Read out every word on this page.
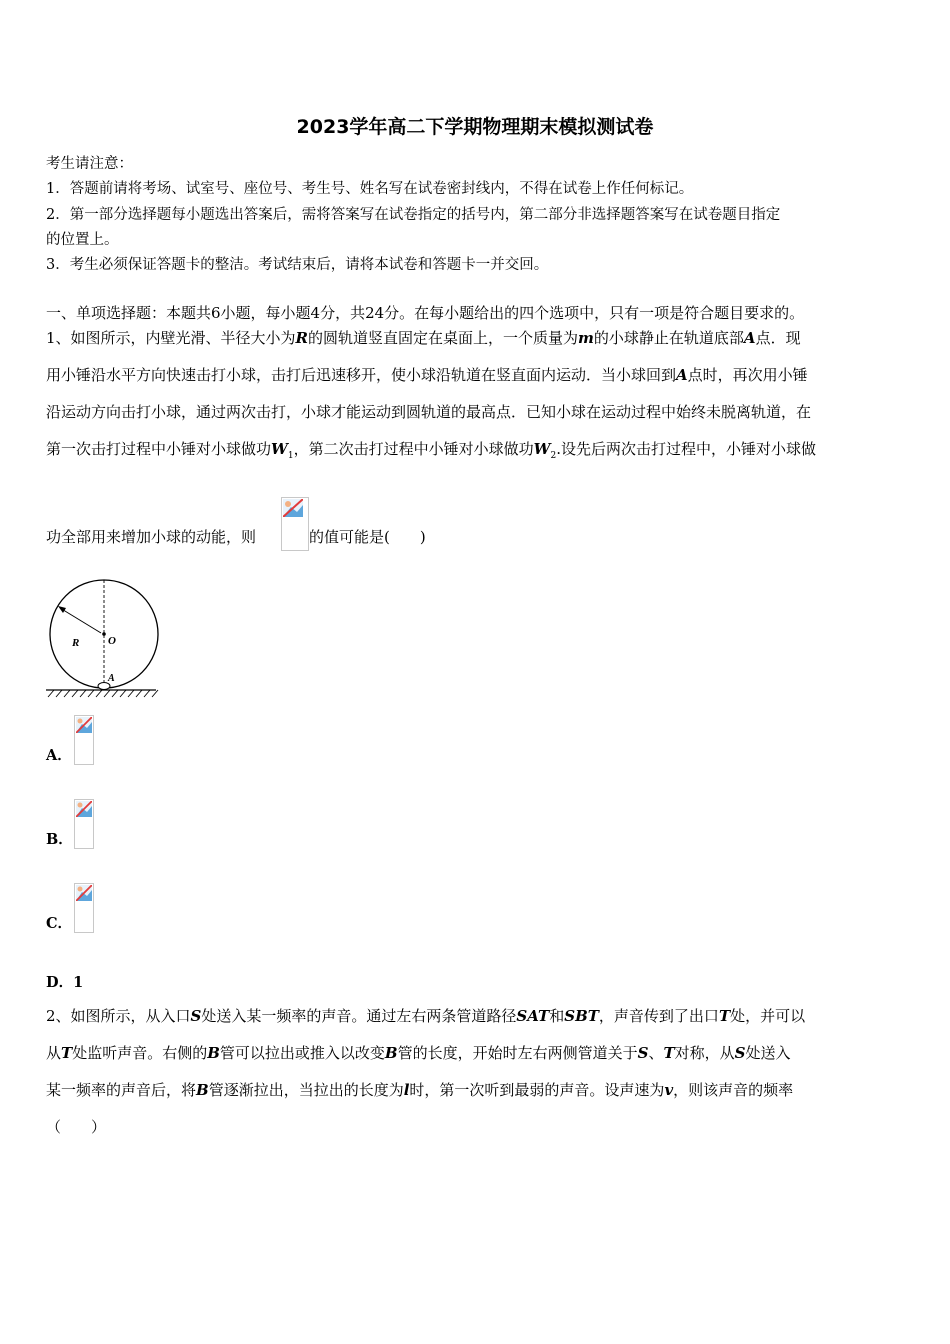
2023学年高二下学期物理期末模拟测试卷
考生请注意：
1．答题前请将考场、试室号、座位号、考生号、姓名写在试卷密封线内，不得在试卷上作任何标记。
2．第一部分选择题每小题选出答案后，需将答案写在试卷指定的括号内，第二部分非选择题答案写在试卷题目指定
的位置上。
3．考生必须保证答题卡的整洁。考试结束后，请将本试卷和答题卡一并交回。
一、单项选择题：本题共6小题，每小题4分，共24分。在每小题给出的四个选项中，只有一项是符合题目要求的。
1、如图所示，内壁光滑、半径大小为R的圆轨道竖直固定在桌面上，一个质量为m的小球静止在轨道底部A点．现
用小锤沿水平方向快速击打小球，击打后迅速移开，使小球沿轨道在竖直面内运动．当小球回到A点时，再次用小锤
沿运动方向击打小球，通过两次击打，小球才能运动到圆轨道的最高点．已知小球在运动过程中始终未脱离轨道，在
第一次击打过程中小锤对小球做功$W_1$，第二次击打过程中小锤对小球做功$W_2$.设先后两次击打过程中，小锤对小球做
功全部用来增加小球的动能，则	的值可能是(　　)
R	O
A
A．
B．
C．
D．1
2、如图所示，从入口S处送入某一频率的声音。通过左右两条管道路径SAT和SBT，声音传到了出口T处，并可以
从T处监听声音。右侧的B管可以拉出或推入以改变B管的长度，开始时左右两侧管道关于S、T对称，从S处送入
某一频率的声音后，将B管逐渐拉出，当拉出的长度为l时，第一次听到最弱的声音。设声速为v，则该声音的频率
（　　）
